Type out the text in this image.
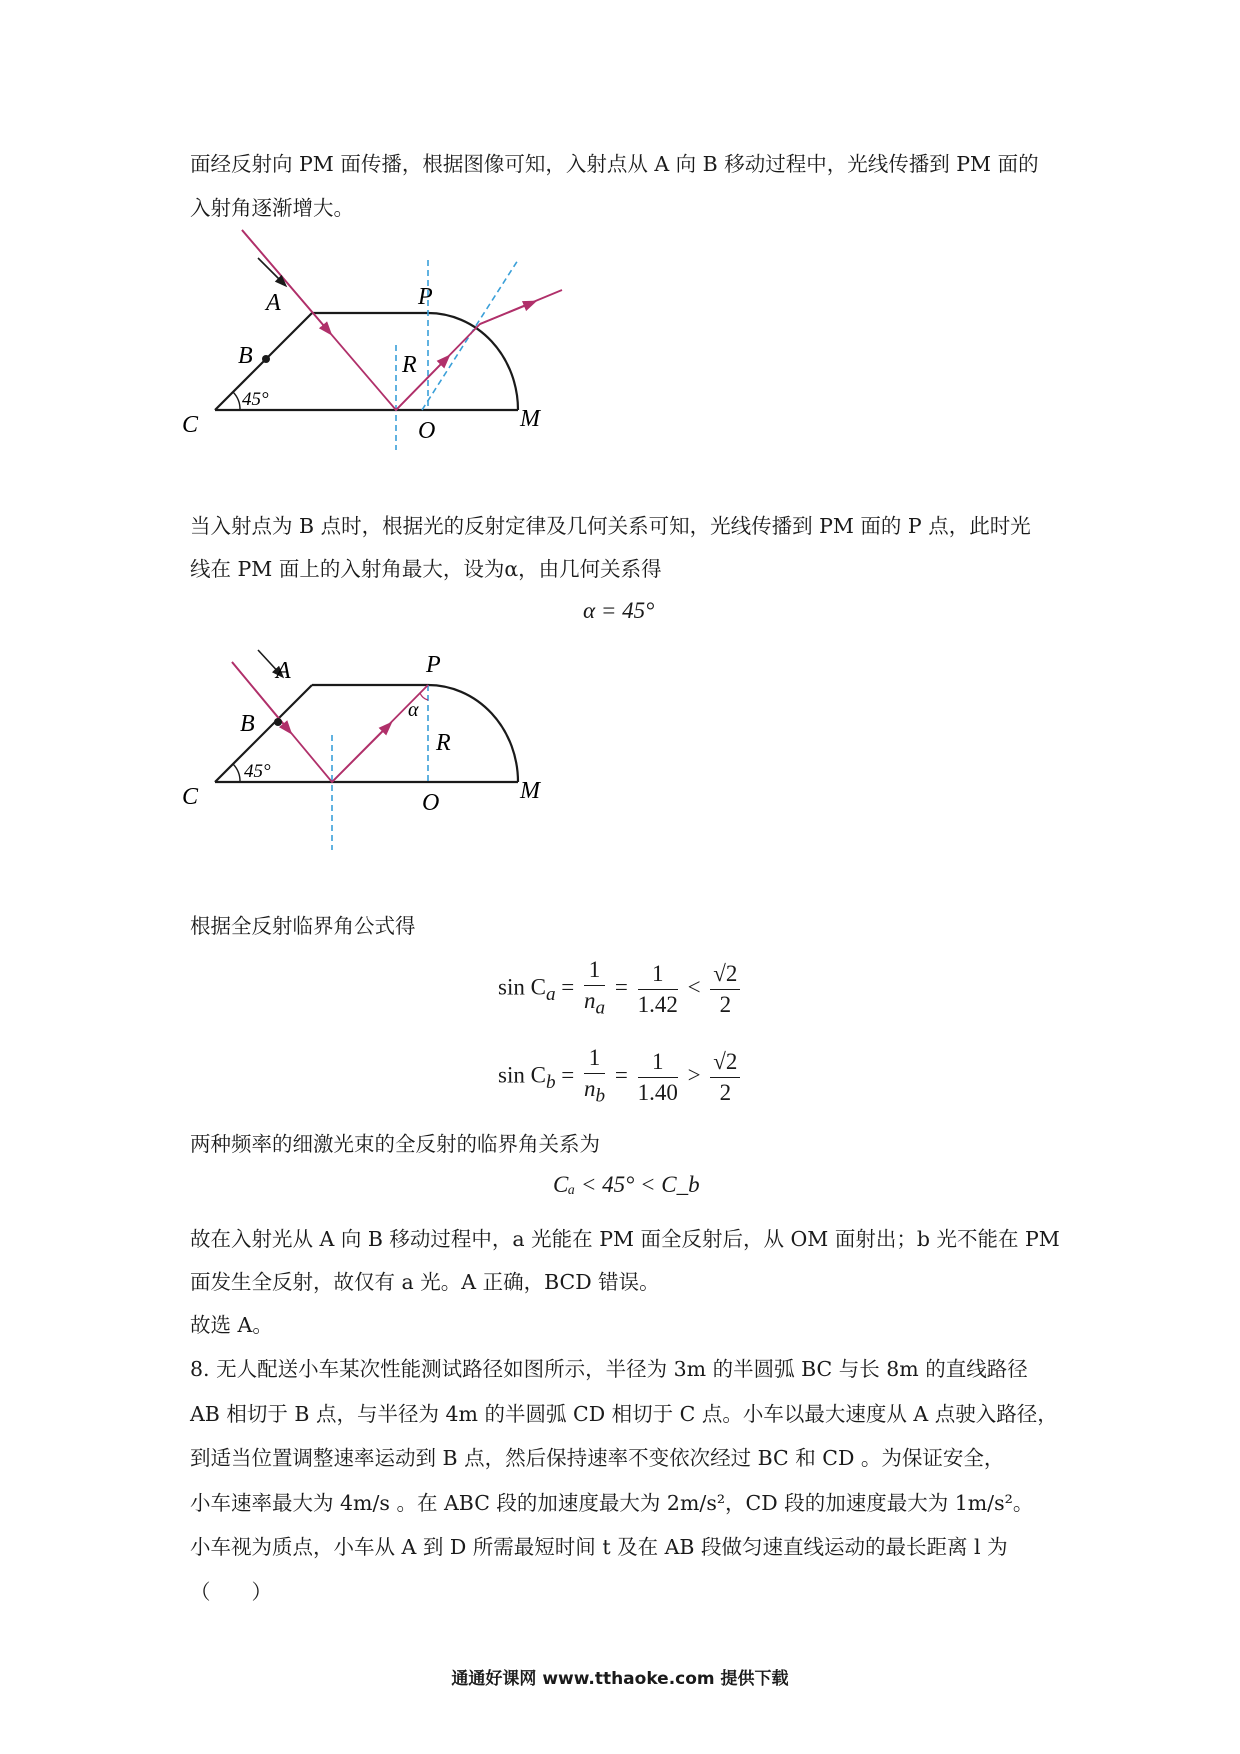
面经反射向 PM 面传播，根据图像可知，入射点从 A 向 B 移动过程中，光线传播到 PM 面的
入射角逐渐增大。
A
B
C
P
R
O	M
45°
当入射点为 B 点时，根据光的反射定律及几何关系可知，光线传播到 PM 面的 P 点，此时光
线在 PM 面上的入射角最大，设为α，由几何关系得
α = 45°
A
B
C
P
α
R
O	M
45°
根据全反射临界角公式得
$\sin C_a = \frac{1}{n_a} = \frac{1}{1.42} < \frac{√2}{2}$
$\sin C_b = \frac{1}{n_b} = \frac{1}{1.40} > \frac{√2}{2}$
两种频率的细激光束的全反射的临界角关系为
Cₐ < 45° < C_b
故在入射光从 A 向 B 移动过程中，a 光能在 PM 面全反射后，从 OM 面射出；b 光不能在 PM
面发生全反射，故仅有 a 光。A 正确，BCD 错误。
故选 A。
8. 无人配送小车某次性能测试路径如图所示，半径为 3m 的半圆弧 BC 与长 8m 的直线路径
AB 相切于 B 点，与半径为 4m 的半圆弧 CD 相切于 C 点。小车以最大速度从 A 点驶入路径，
到适当位置调整速率运动到 B 点，然后保持速率不变依次经过 BC 和 CD 。为保证安全，
小车速率最大为 4m/s 。在 ABC 段的加速度最大为 2m/s²，CD 段的加速度最大为 1m/s²。
小车视为质点，小车从 A 到 D 所需最短时间 t 及在 AB 段做匀速直线运动的最长距离 l 为
（　　）
通通好课网 www.tthaoke.com 提供下载
